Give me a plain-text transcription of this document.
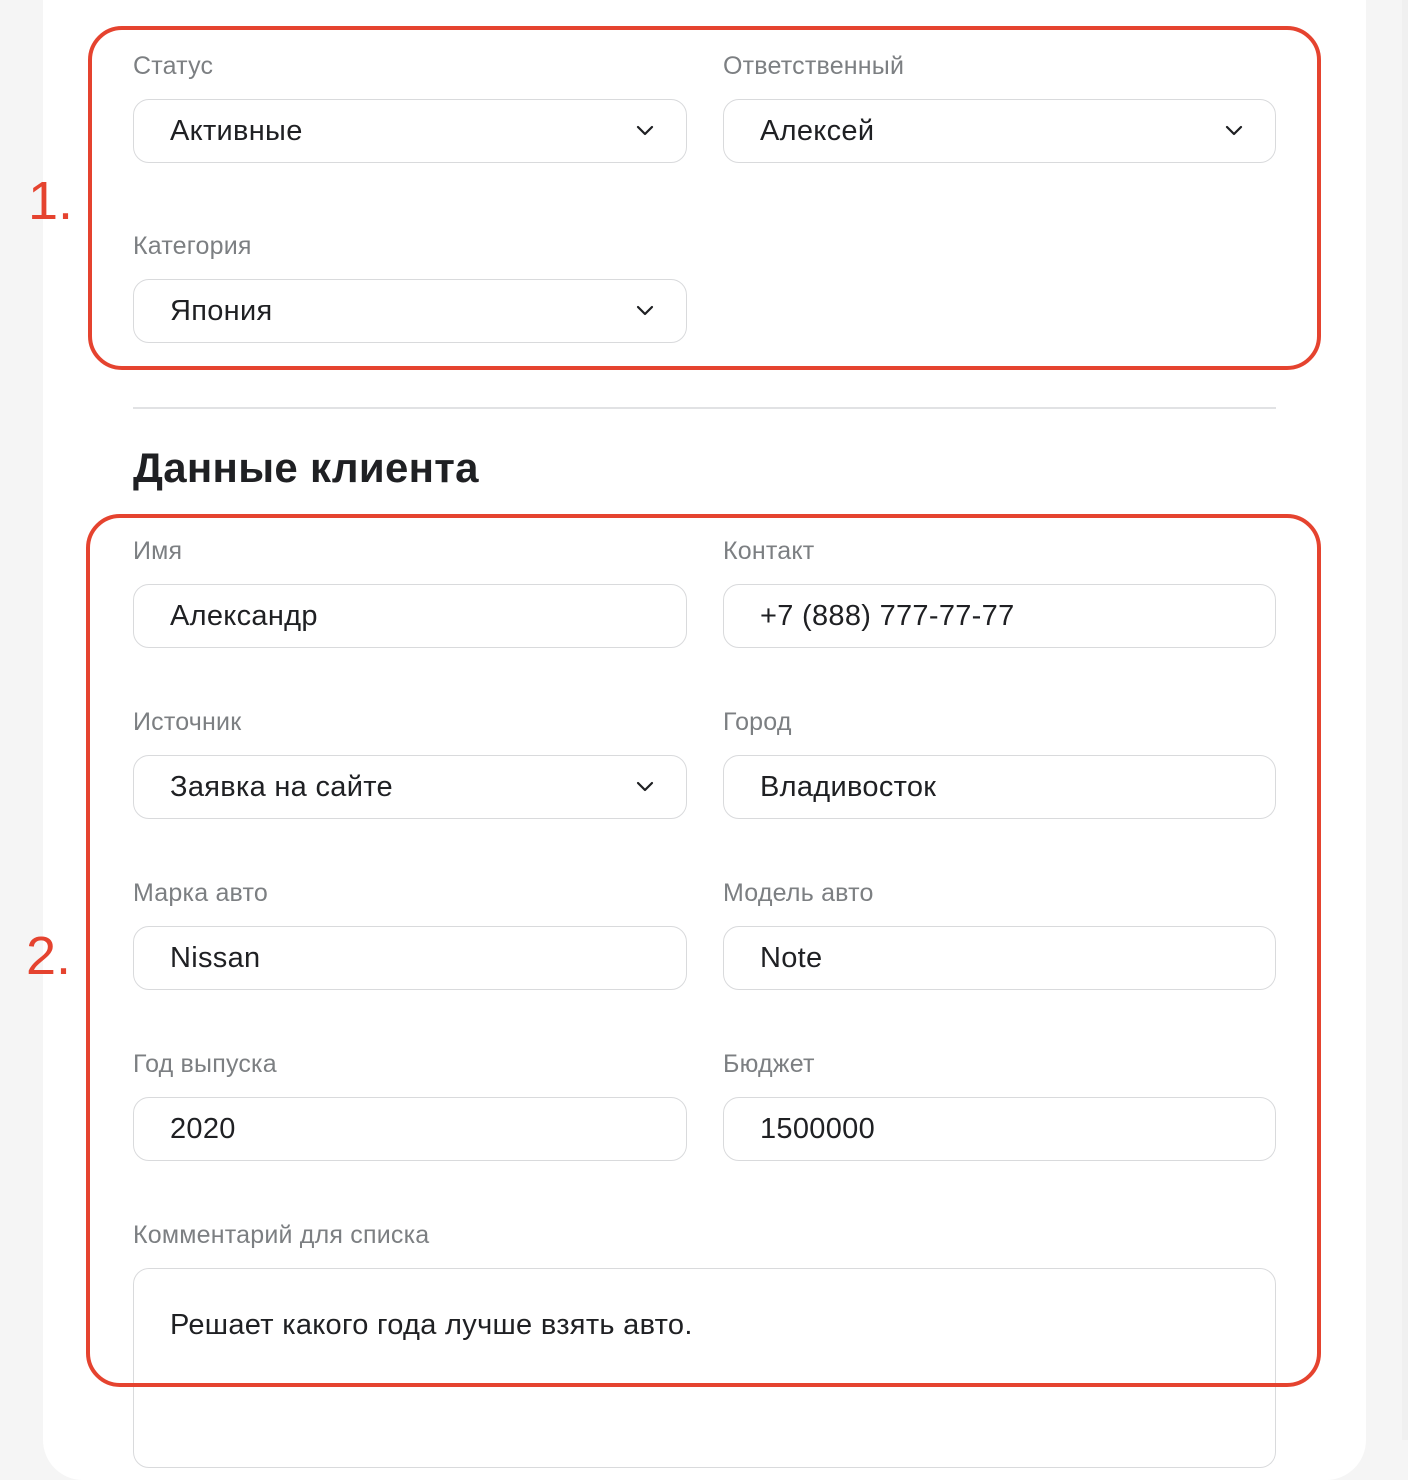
Статус
Активные
Ответственный
Алексей
Категория
Япония
Данные клиента
Имя
Александр
Контакт
+7 (888) 777-77-77
Источник
Заявка на сайте
Город
Владивосток
Марка авто
Nissan
Модель авто
Note
Год выпуска
2020
Бюджет
1500000
Комментарий для списка
Решает какого года лучше взять авто.
1.
2.
